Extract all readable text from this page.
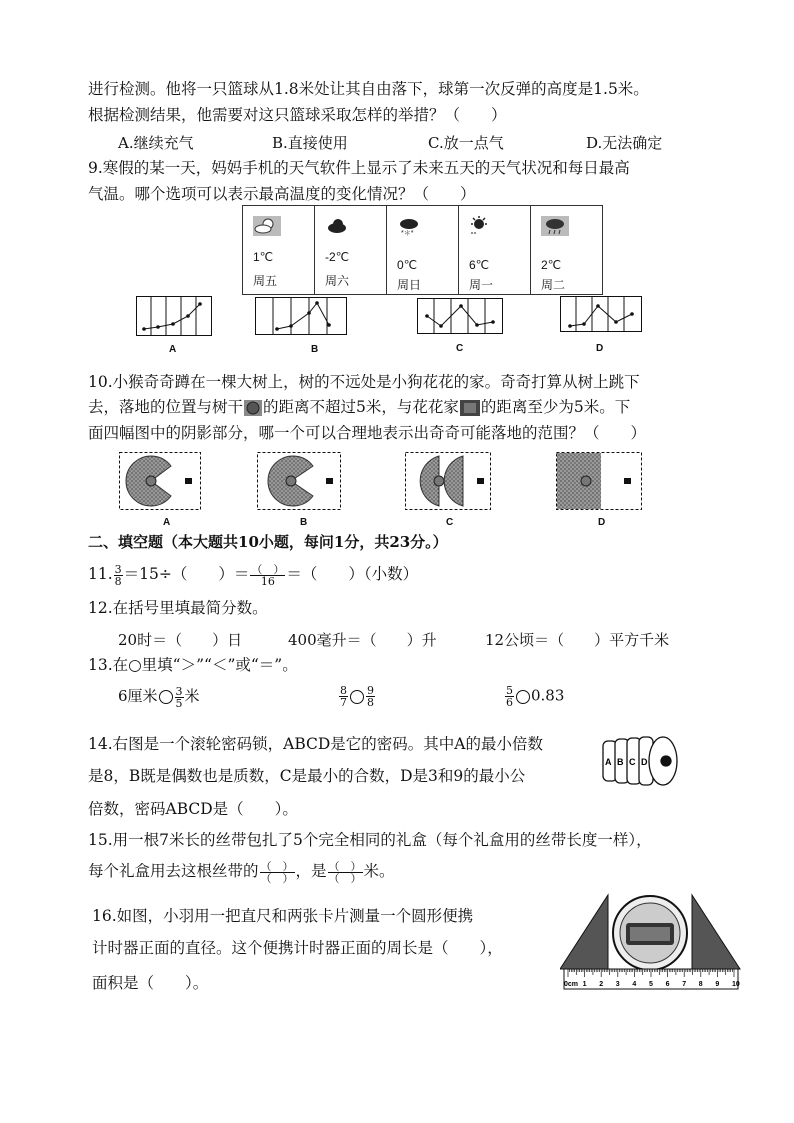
进行检测。他将一只篮球从1.8米处让其自由落下，球第一次反弹的高度是1.5米。
根据检测结果，他需要对这只篮球采取怎样的举措？（　　）
A.继续充气	B.直接使用	C.放一点气	D.无法确定
9.寒假的某一天，妈妈手机的天气软件上显示了未来五天的天气状况和每日最高
气温。哪个选项可以表示最高温度的变化情况？（　　）
1℃
周五

-2℃
周六

*＊*
0℃
周日

6℃
周一

2℃
周二
A	B	C	D
10.小猴奇奇蹲在一棵大树上，树的不远处是小狗花花的家。奇奇打算从树上跳下
去，落地的位置与树干 的距离不超过5米，与花花家 的距离至少为5米。下
面四幅图中的阴影部分，哪一个可以合理地表示出奇奇可能落地的范围？（　　）
A	B	C	D
二、填空题（本大题共10小题，每问1分，共23分。）
11. $\frac{3}{8} =15\div$（　　）＝ $\frac{( )}{16}$ ＝（　　）（小数）
12.在括号里填最简分数。
20时＝（　　）日	400毫升＝（　　）升	12公顷＝（　　）平方千米
13.在○里填“＞”“＜”或“＝”。
6厘米 $\frac{3}{5}$ 米	$\frac{8}{7} \frac{9}{8}$	$\frac{5}{6} 0.83$
14.右图是一个滚轮密码锁，ABCD是它的密码。其中A的最小倍数
是8，B既是偶数也是质数，C是最小的合数，D是3和9的最小公
倍数，密码ABCD是（　　）。
A B C D
15.用一根7米长的丝带包扎了5个完全相同的礼盒（每个礼盒用的丝带长度一样），
每个礼盒用去这根丝带的 $\frac{( )}{( )}$ ，是 $\frac{( )}{( )}$ 米。
16.如图，小羽用一把直尺和两张卡片测量一个圆形便携
计时器正面的直径。这个便携计时器正面的周长是（　　），
面积是（　　）。	0cm 1 2 3 4 5 6 7 8 9 10
